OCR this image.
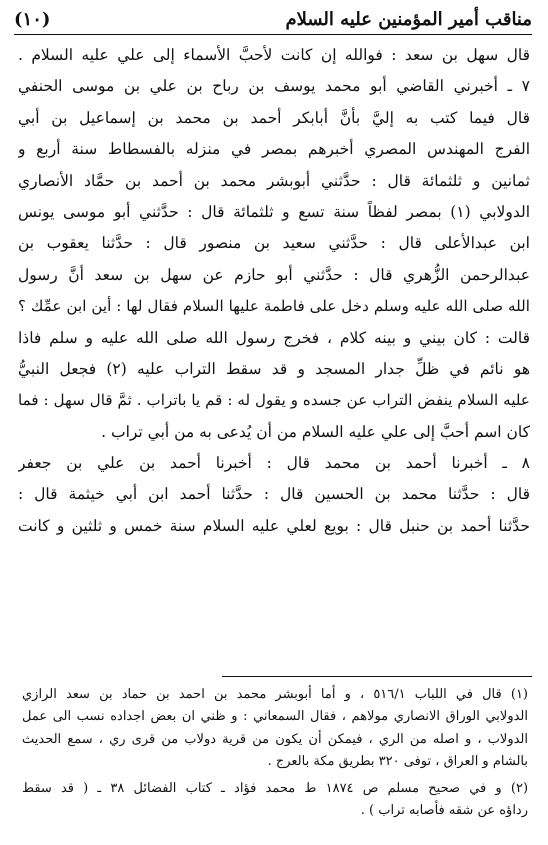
مناقب أمير المؤمنين عليه السلام
(١٠)
قال سهل بن سعد : فوالله إن كانت لأحبَّ الأسماء إلى علي عليه السلام .
٧ ـ أخبرني القاضي أبو محمد يوسف بن رباح بن علي بن موسى الحنفي
قال فيما كتب به إليَّ بأنَّ أبابكر أحمد بن محمد بن إسماعيل بن أبي
الفرج المهندس المصري أخبرهم بمصر في منزله بالفسطاط سنة أربع و
ثمانين و ثلثمائة قال : حدَّثني أبوبشر محمد بن أحمد بن حمَّاد الأنصاري
الدولابي (١) بمصر لفظاً سنة تسع و ثلثمائة قال : حدَّثني أبو موسى يونس
ابن عبدالأعلى قال : حدَّثني سعيد بن منصور قال : حدَّثنا يعقوب بن
عبدالرحمن الزُّهري قال : حدَّثني أبو حازم عن سهل بن سعد أنَّ رسول
الله صلى الله عليه وسلم دخل على فاطمة عليها السلام فقال لها : أين ابن عمِّك ؟
قالت : كان بيني و بينه كلام ، فخرج رسول الله صلى الله عليه و سلم فاذا
هو نائم في ظلِّ جدار المسجد و قد سقط التراب عليه (٢) فجعل النبيُّ
عليه السلام ينفض التراب عن جسده و يقول له : قم يا باتراب . ثمَّ قال سهل : فما
كان اسم أحبَّ إلى علي عليه السلام من أن يُدعى به من أبي تراب .
٨ ـ أخبرنا أحمد بن محمد قال : أخبرنا أحمد بن علي بن جعفر
قال : حدَّثنا محمد بن الحسين قال : حدَّثنا أحمد ابن أبي خيثمة قال :
حدَّثنا أحمد بن حنبل قال : بويع لعلي عليه السلام سنة خمس و ثلثين و كانت
(١) قال في اللباب ٥١٦/١ ، و أما أبوبشر محمد بن احمد بن حماد بن سعد الرازي
الدولابي الوراق الانصاري مولاهم ، فقال السمعاني : و ظني ان بعض اجداده نسب الى عمل
الدولاب ، و اصله من الري ، فيمكن أن يكون من قرية دولاب من قرى ري ، سمع الحديث
بالشام و العراق ، توفى ٣٢٠ بطريق مكة بالعرج .
(٢) و في صحيح مسلم ص ١٨٧٤ ط محمد فؤاد ـ كتاب الفضائل ٣٨ ـ ( قد سقط
رداؤه عن شقه فأصابه تراب ) .
